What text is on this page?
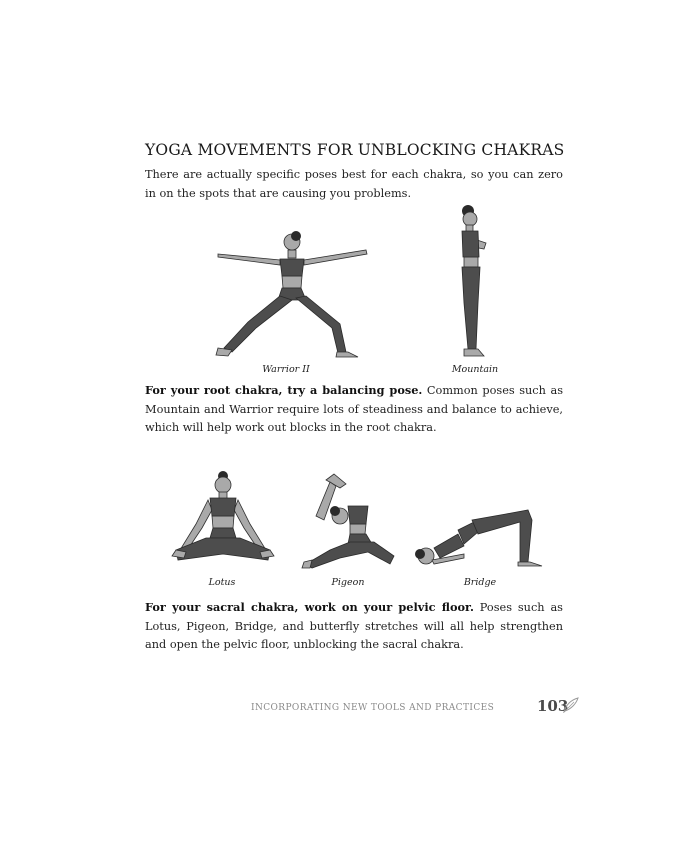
YOGA MOVEMENTS FOR UNBLOCKING CHAKRAS

There are actually specific poses best for each chakra, so you can zero in on the spots that are causing you problems.

Warrior II	Mountain

For your root chakra, try a balancing pose. Common poses such as Mountain and Warrior require lots of steadiness and balance to achieve, which will help work out blocks in the root chakra.

Lotus	Pigeon	Bridge

For your sacral chakra, work on your pelvic floor. Poses such as Lotus, Pigeon, Bridge, and butterfly stretches will all help strengthen and open the pelvic floor, unblocking the sacral chakra.

INCORPORATING NEW TOOLS AND PRACTICES	103
